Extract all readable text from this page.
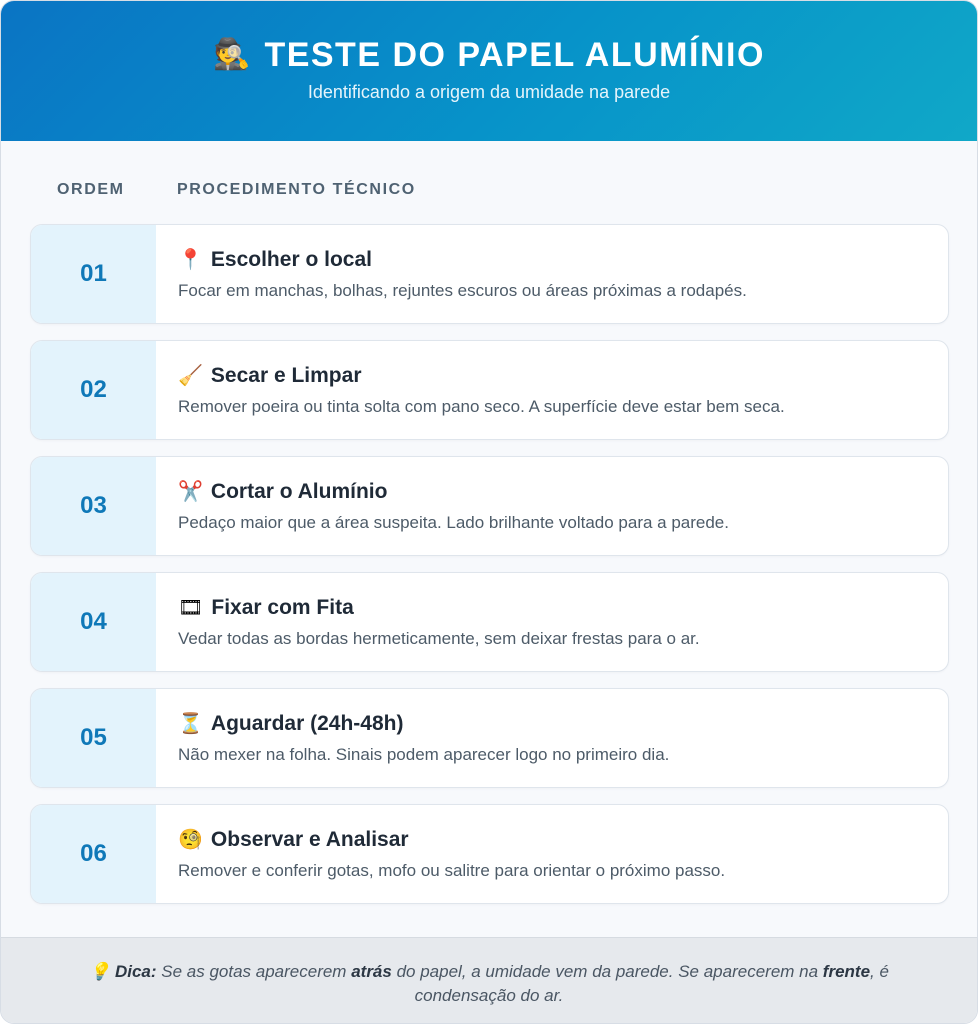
🕵 TESTE DO PAPEL ALUMÍNIO
Identificando a origem da umidade na parede
ORDEM	PROCEDIMENTO TÉCNICO
01	📍 Escolher o local
Focar em manchas, bolhas, rejuntes escuros ou áreas próximas a rodapés.
02	🧹 Secar e Limpar
Remover poeira ou tinta solta com pano seco. A superfície deve estar bem seca.
03	✂️ Cortar o Alumínio
Pedaço maior que a área suspeita. Lado brilhante voltado para a parede.
04	🎞 Fixar com Fita
Vedar todas as bordas hermeticamente, sem deixar frestas para o ar.
05	⏳ Aguardar (24h-48h)
Não mexer na folha. Sinais podem aparecer logo no primeiro dia.
06	🧐 Observar e Analisar
Remover e conferir gotas, mofo ou salitre para orientar o próximo passo.
💡 Dica: Se as gotas aparecerem atrás do papel, a umidade vem da parede. Se aparecerem na frente, é condensação do ar.
